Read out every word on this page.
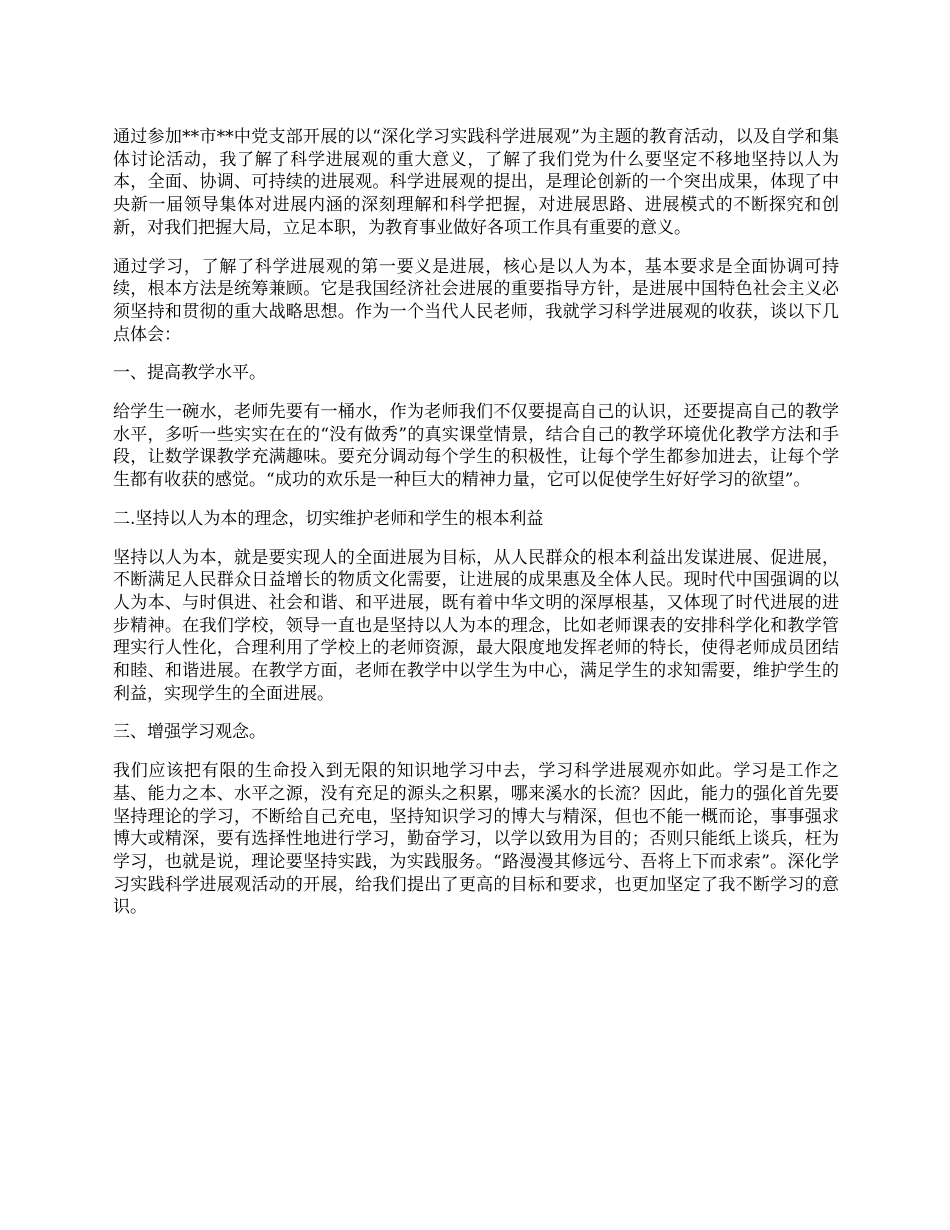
通过参加**市**中党支部开展的以“深化学习实践科学进展观”为主题的教育活动，以及自学和集体讨论活动，我了解了科学进展观的重大意义，了解了我们党为什么要坚定不移地坚持以人为本，全面、协调、可持续的进展观。科学进展观的提出，是理论创新的一个突出成果，体现了中央新一届领导集体对进展内涵的深刻理解和科学把握，对进展思路、进展模式的不断探究和创新，对我们把握大局，立足本职，为教育事业做好各项工作具有重要的意义。

通过学习，了解了科学进展观的第一要义是进展，核心是以人为本，基本要求是全面协调可持续，根本方法是统筹兼顾。它是我国经济社会进展的重要指导方针，是进展中国特色社会主义必须坚持和贯彻的重大战略思想。作为一个当代人民老师，我就学习科学进展观的收获，谈以下几点体会：

一、提高教学水平。

给学生一碗水，老师先要有一桶水，作为老师我们不仅要提高自己的认识，还要提高自己的教学水平，多听一些实实在在的“没有做秀”的真实课堂情景，结合自己的教学环境优化教学方法和手段，让数学课教学充满趣味。要充分调动每个学生的积极性，让每个学生都参加进去，让每个学生都有收获的感觉。“成功的欢乐是一种巨大的精神力量，它可以促使学生好好学习的欲望”。

二.坚持以人为本的理念，切实维护老师和学生的根本利益

坚持以人为本，就是要实现人的全面进展为目标，从人民群众的根本利益出发谋进展、促进展，不断满足人民群众日益增长的物质文化需要，让进展的成果惠及全体人民。现时代中国强调的以人为本、与时俱进、社会和谐、和平进展，既有着中华文明的深厚根基，又体现了时代进展的进步精神。在我们学校，领导一直也是坚持以人为本的理念，比如老师课表的安排科学化和教学管理实行人性化，合理利用了学校上的老师资源，最大限度地发挥老师的特长，使得老师成员团结和睦、和谐进展。在教学方面，老师在教学中以学生为中心，满足学生的求知需要，维护学生的利益，实现学生的全面进展。

三、增强学习观念。

我们应该把有限的生命投入到无限的知识地学习中去，学习科学进展观亦如此。学习是工作之基、能力之本、水平之源，没有充足的源头之积累，哪来溪水的长流？因此，能力的强化首先要坚持理论的学习，不断给自己充电，坚持知识学习的博大与精深，但也不能一概而论，事事强求博大或精深，要有选择性地进行学习，勤奋学习，以学以致用为目的；否则只能纸上谈兵，枉为学习，也就是说，理论要坚持实践，为实践服务。“路漫漫其修远兮、吾将上下而求索”。深化学习实践科学进展观活动的开展，给我们提出了更高的目标和要求，也更加坚定了我不断学习的意识。
